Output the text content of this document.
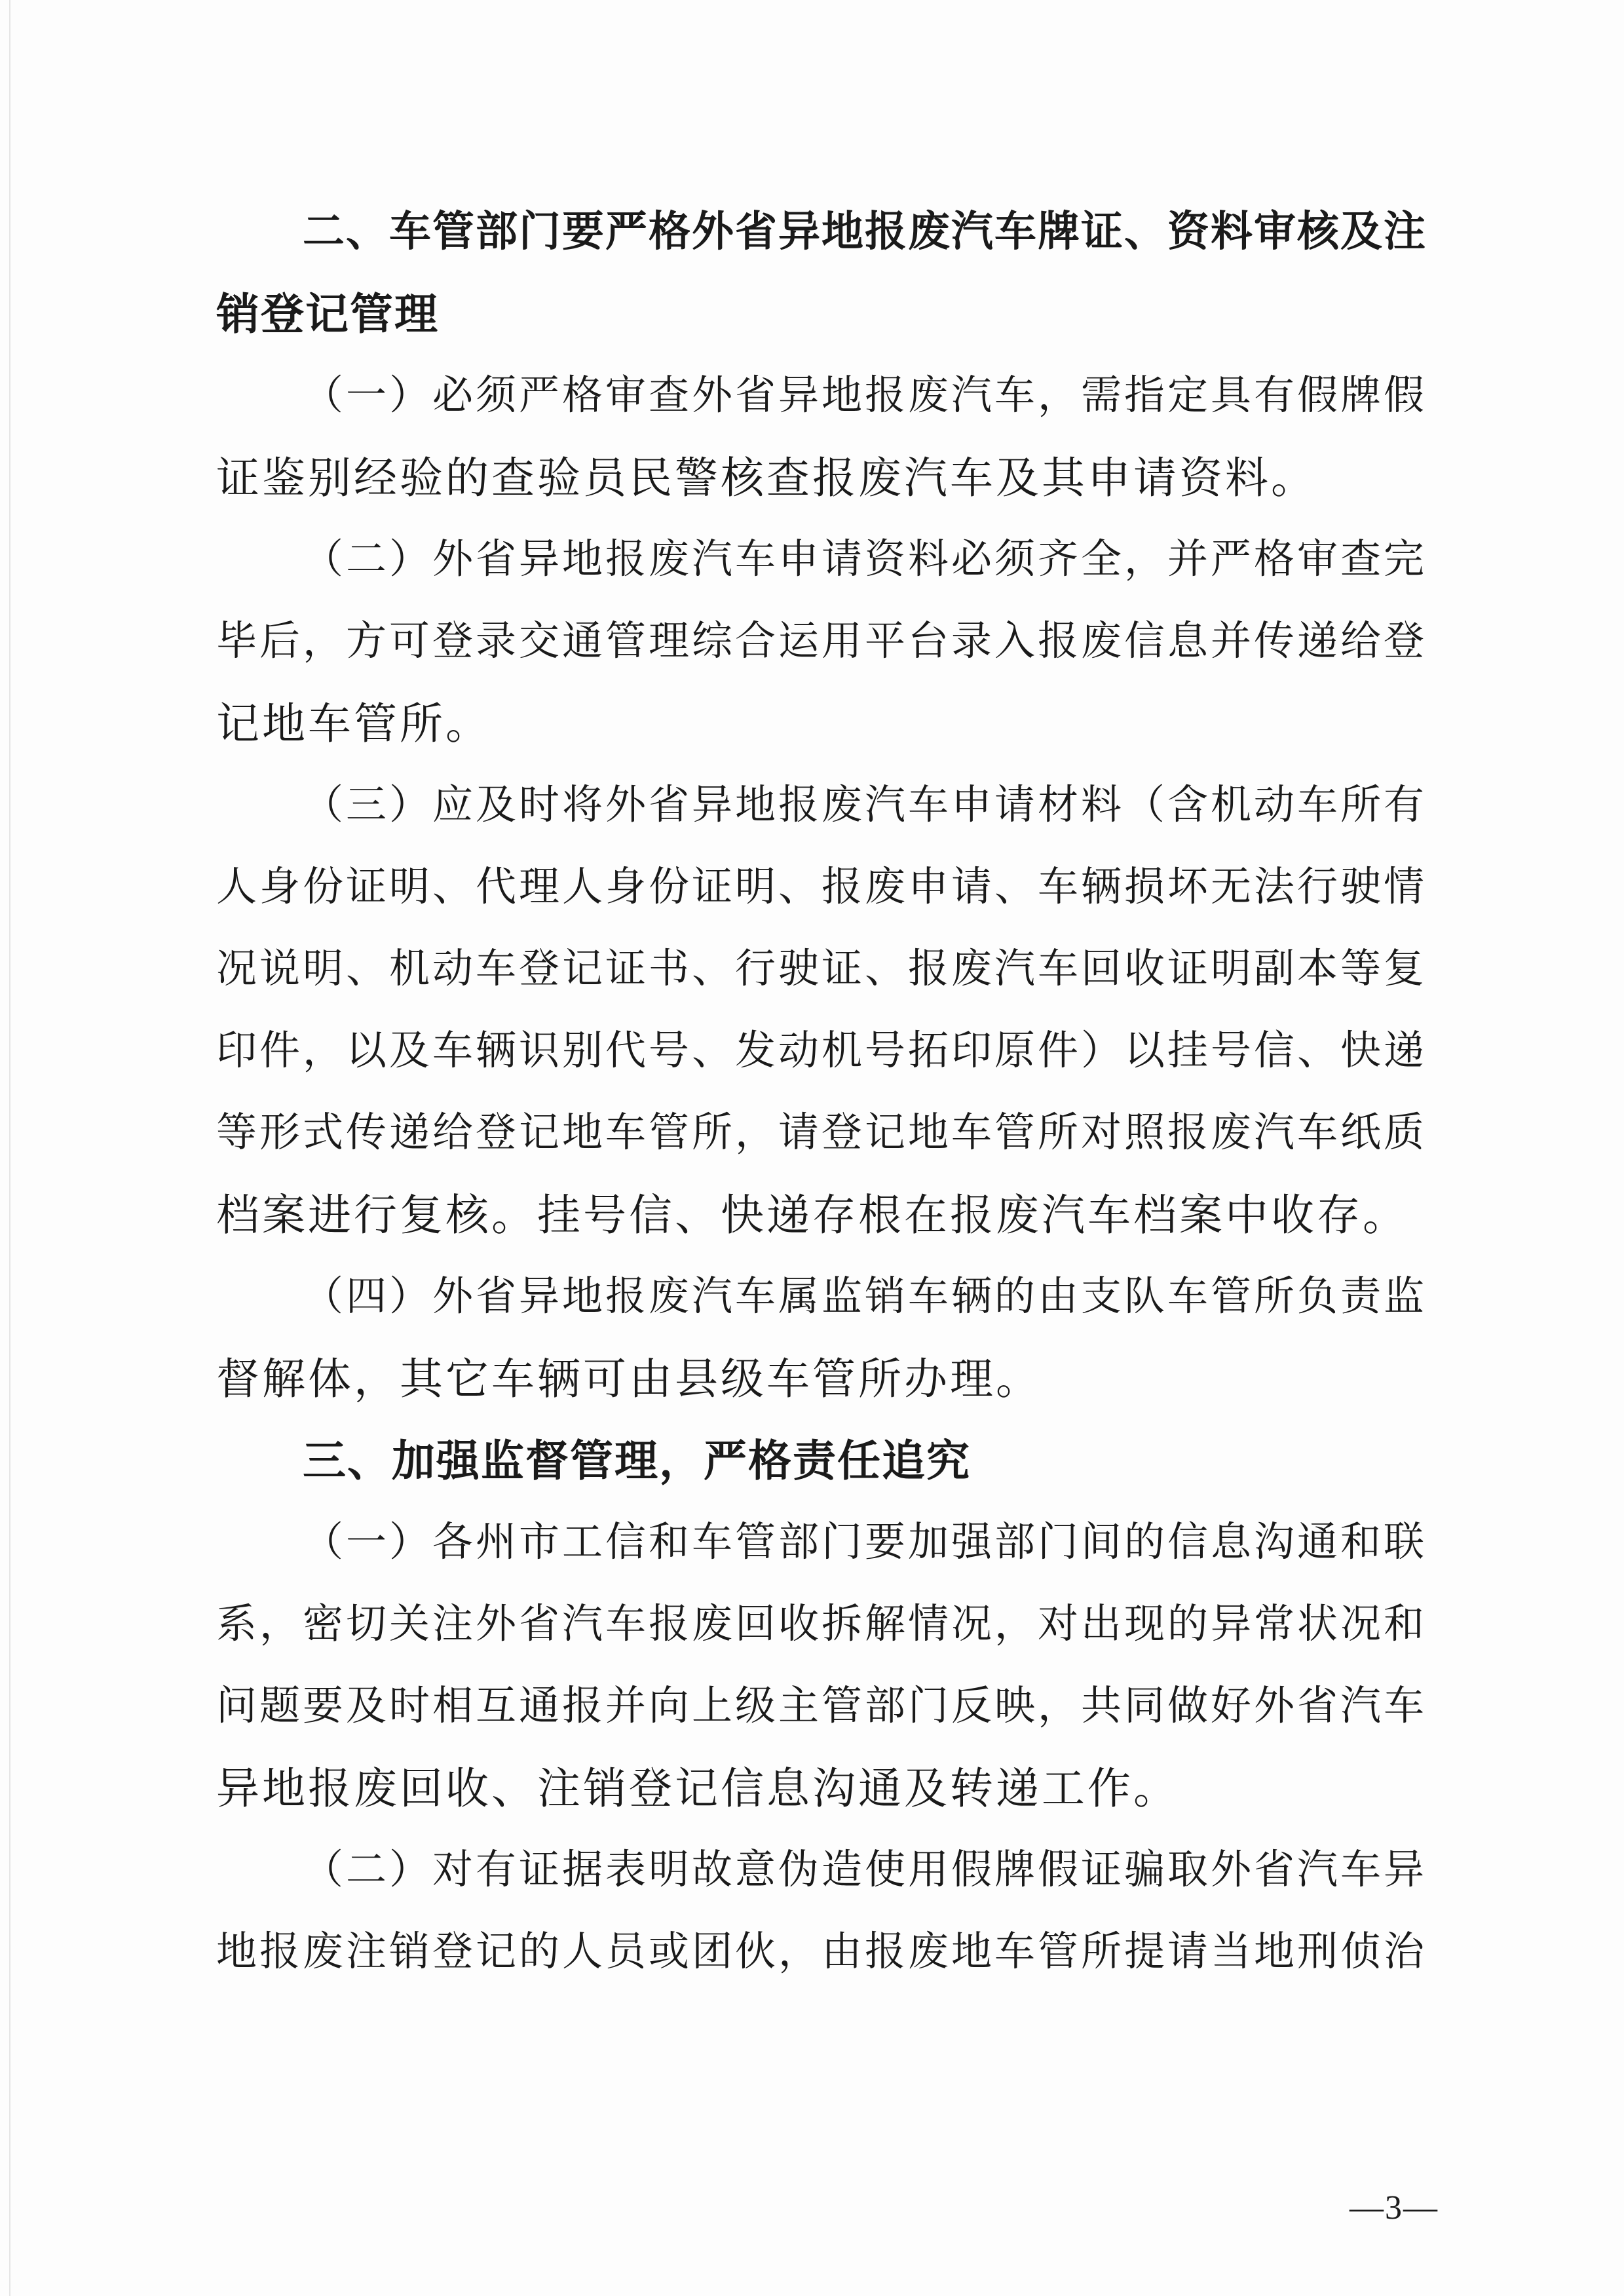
二、车管部门要严格外省异地报废汽车牌证、资料审核及注
销登记管理
（一）必须严格审查外省异地报废汽车，需指定具有假牌假
证鉴别经验的查验员民警核查报废汽车及其申请资料。
（二）外省异地报废汽车申请资料必须齐全，并严格审查完
毕后，方可登录交通管理综合运用平台录入报废信息并传递给登
记地车管所。
（三）应及时将外省异地报废汽车申请材料（含机动车所有
人身份证明、代理人身份证明、报废申请、车辆损坏无法行驶情
况说明、机动车登记证书、行驶证、报废汽车回收证明副本等复
印件，以及车辆识别代号、发动机号拓印原件）以挂号信、快递
等形式传递给登记地车管所，请登记地车管所对照报废汽车纸质
档案进行复核。挂号信、快递存根在报废汽车档案中收存。
（四）外省异地报废汽车属监销车辆的由支队车管所负责监
督解体，其它车辆可由县级车管所办理。
三、加强监督管理，严格责任追究
（一）各州市工信和车管部门要加强部门间的信息沟通和联
系，密切关注外省汽车报废回收拆解情况，对出现的异常状况和
问题要及时相互通报并向上级主管部门反映，共同做好外省汽车
异地报废回收、注销登记信息沟通及转递工作。
（二）对有证据表明故意伪造使用假牌假证骗取外省汽车异
地报废注销登记的人员或团伙，由报废地车管所提请当地刑侦治
—3—
